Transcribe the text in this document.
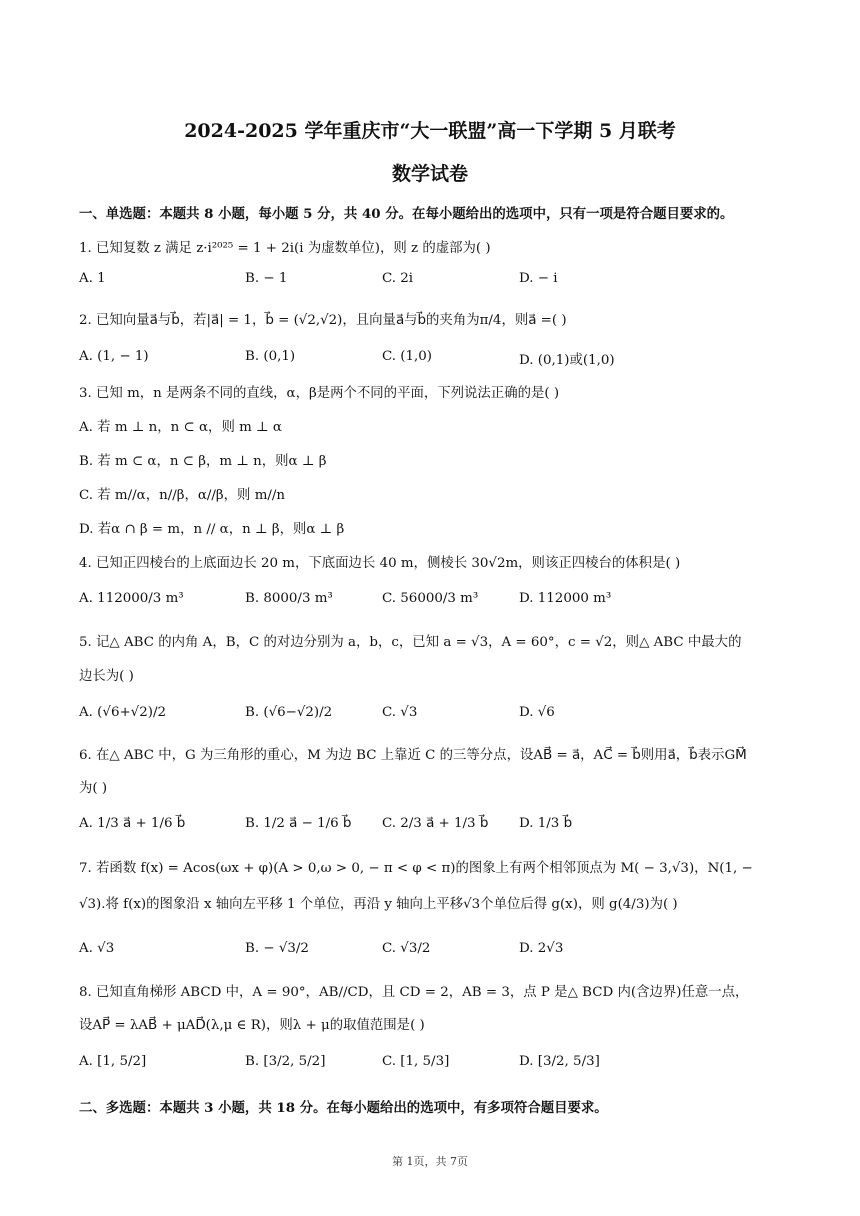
2024-2025 学年重庆市“大一联盟”高一下学期 5 月联考
数学试卷
一、单选题：本题共 8 小题，每小题 5 分，共 40 分。在每小题给出的选项中，只有一项是符合题目要求的。
1. 已知复数 z 满足 z·i²⁰²⁵ = 1 + 2i(i 为虚数单位)，则 z 的虚部为( )
A. 1	B. − 1	C. 2i	D. − i
2. 已知向量a⃗与b⃗，若|a⃗| = 1，b⃗ = (√2,√2)，且向量a⃗与b⃗的夹角为π/4，则a⃗ =( )
A. (1, − 1)	B. (0,1)	C. (1,0)	D. (0,1)或(1,0)
3. 已知 m，n 是两条不同的直线，α，β是两个不同的平面，下列说法正确的是( )
A. 若 m ⊥ n，n ⊂ α，则 m ⊥ α
B. 若 m ⊂ α，n ⊂ β，m ⊥ n，则α ⊥ β
C. 若 m//α，n//β，α//β，则 m//n
D. 若α ∩ β = m，n // α，n ⊥ β，则α ⊥ β
4. 已知正四棱台的上底面边长 20 m，下底面边长 40 m，侧棱长 30√2m，则该正四棱台的体积是( )
A. 112000/3 m³	B. 8000/3 m³	C. 56000/3 m³	D. 112000 m³
5. 记△ ABC 的内角 A，B，C 的对边分别为 a，b，c，已知 a = √3，A = 60°，c = √2，则△ ABC 中最大的
边长为( )
A. (√6+√2)/2	B. (√6−√2)/2	C. √3	D. √6
6. 在△ ABC 中，G 为三角形的重心，M 为边 BC 上靠近 C 的三等分点，设AB⃗ = a⃗，AC⃗ = b⃗则用a⃗，b⃗表示GM⃗
为( )
A. 1/3 a⃗ + 1/6 b⃗	B. 1/2 a⃗ − 1/6 b⃗ C. 2/3 a⃗ + 1/3 b⃗ D. 1/3 b⃗
7. 若函数 f(x) = Acos(ωx + φ)(A > 0,ω > 0, − π < φ < π)的图象上有两个相邻顶点为 M( − 3,√3)，N(1, −
√3).将 f(x)的图象沿 x 轴向左平移 1 个单位，再沿 y 轴向上平移√3个单位后得 g(x)，则 g(4/3)为( )
A. √3	B. − √3/2	C. √3/2	D. 2√3
8. 已知直角梯形 ABCD 中，A = 90°，AB//CD，且 CD = 2，AB = 3，点 P 是△ BCD 内(含边界)任意一点，
设AP⃗ = λAB⃗ + μAD⃗(λ,μ ∈ R)，则λ + μ的取值范围是( )
A. [1, 5/2]	B. [3/2, 5/2]	C. [1, 5/3]	D. [3/2, 5/3]
二、多选题：本题共 3 小题，共 18 分。在每小题给出的选项中，有多项符合题目要求。
第 1页，共 7页
